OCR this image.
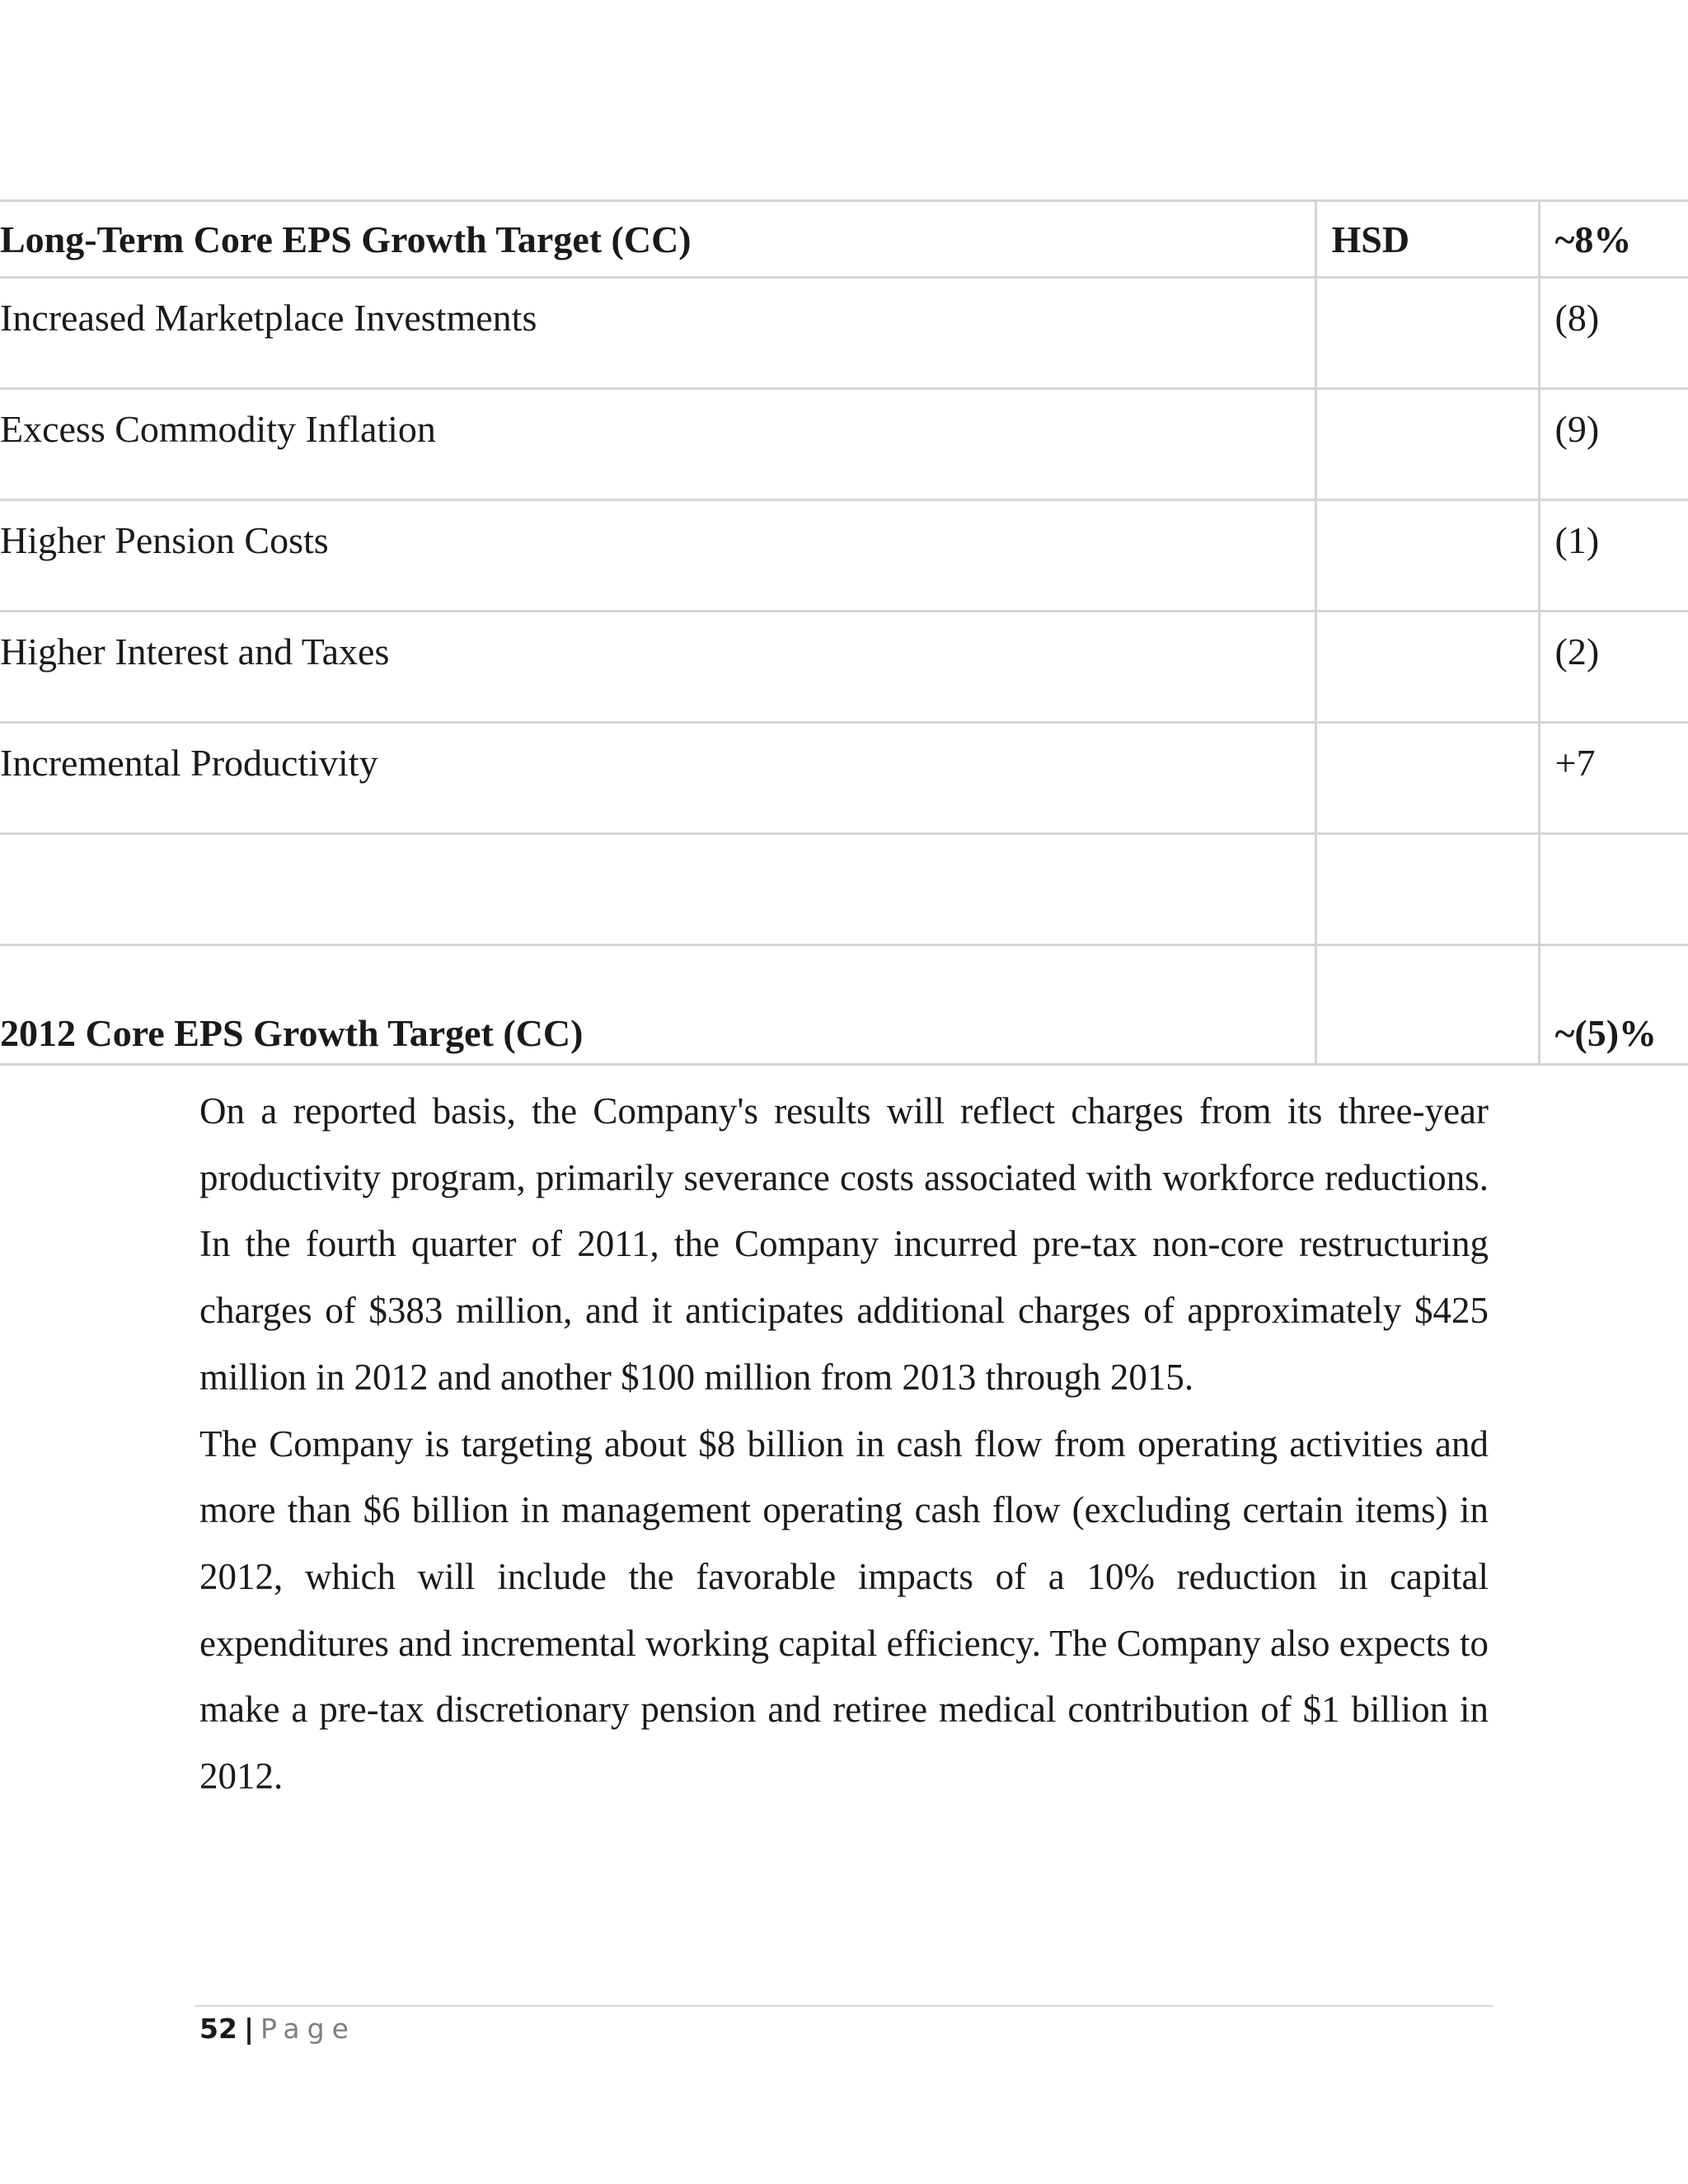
Long-Term Core EPS Growth Target (CC)	HSD	~8%
Increased Marketplace Investments		(8)
Excess Commodity Inflation		(9)
Higher Pension Costs		(1)
Higher Interest and Taxes		(2)
Incremental Productivity		+7

2012 Core EPS Growth Target (CC)		~(5)%

On a reported basis, the Company's results will reflect charges from its three-year productivity program, primarily severance costs associated with workforce reductions. In the fourth quarter of 2011, the Company incurred pre-tax non-core restructuring charges of $383 million, and it anticipates additional charges of approximately $425 million in 2012 and another $100 million from 2013 through 2015.

The Company is targeting about $8 billion in cash flow from operating activities and more than $6 billion in management operating cash flow (excluding certain items) in 2012, which will include the favorable impacts of a 10% reduction in capital expenditures and incremental working capital efficiency. The Company also expects to make a pre-tax discretionary pension and retiree medical contribution of $1 billion in 2012.

52 | Page
